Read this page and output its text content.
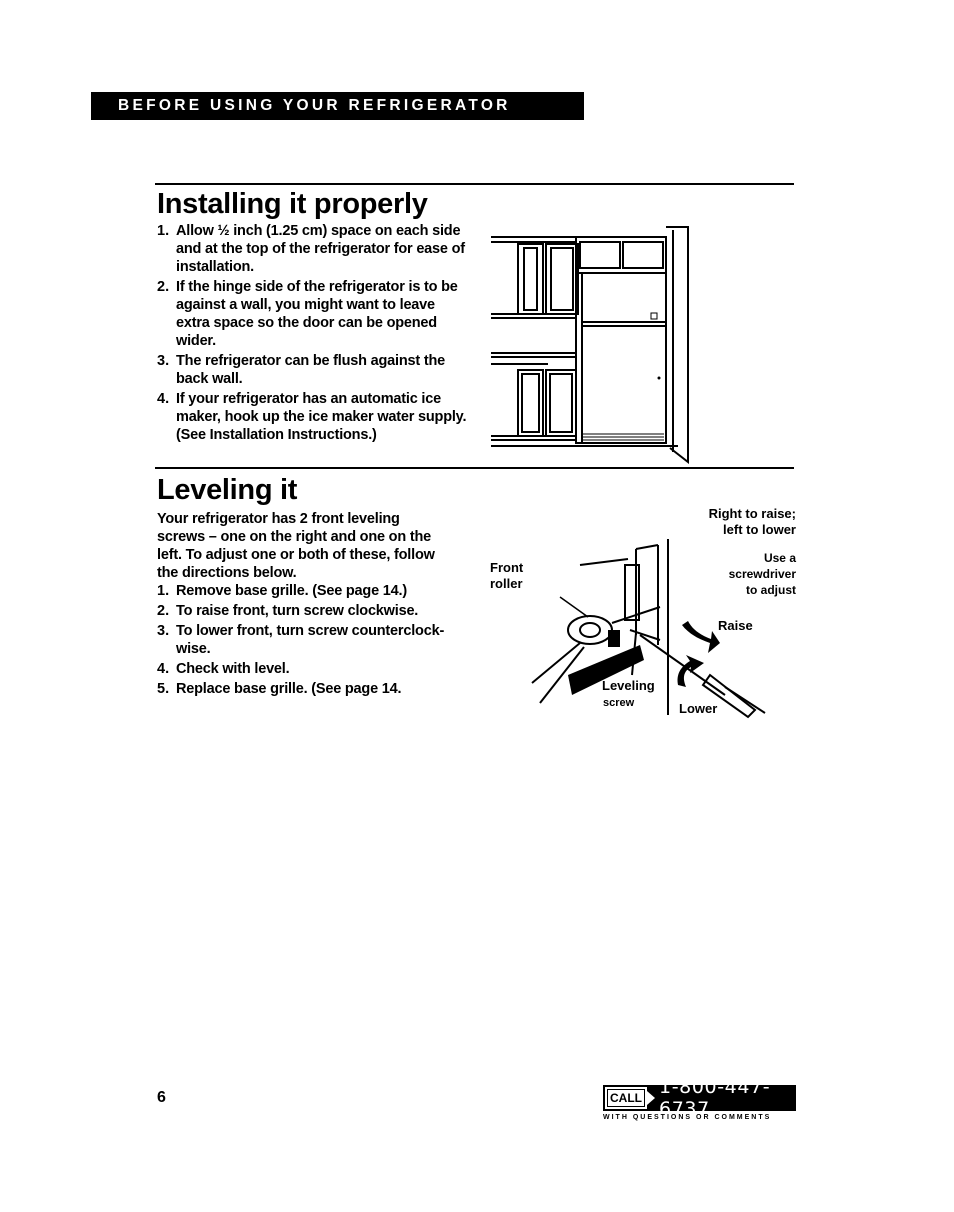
BEFORE USING YOUR REFRIGERATOR
Installing it properly
1. Allow ½ inch (1.25 cm) space on each side and at the top of the refrigerator for ease of installation.
2. If the hinge side of the refrigerator is to be against a wall, you might want to leave extra space so the door can be opened wider.
3. The refrigerator can be flush against the back wall.
4. If your refrigerator has an automatic ice maker, hook up the ice maker water supply. (See Installation Instructions.)
Leveling it

Your refrigerator has 2 front leveling screws – one on the right and one on the left. To adjust one or both of these, follow the directions below.

1. Remove base grille. (See page 14.)
2. To raise front, turn screw clockwise.
3. To lower front, turn screw counterclock-wise.
4. Check with level.
5. Replace base grille. (See page 14.
Front
roller
Right to raise;
left to lower
Use a
screwdriver
to adjust
Raise
Leveling
screw	Lower
6	CALL 1-800-447-6737
WITH QUESTIONS OR COMMENTS
